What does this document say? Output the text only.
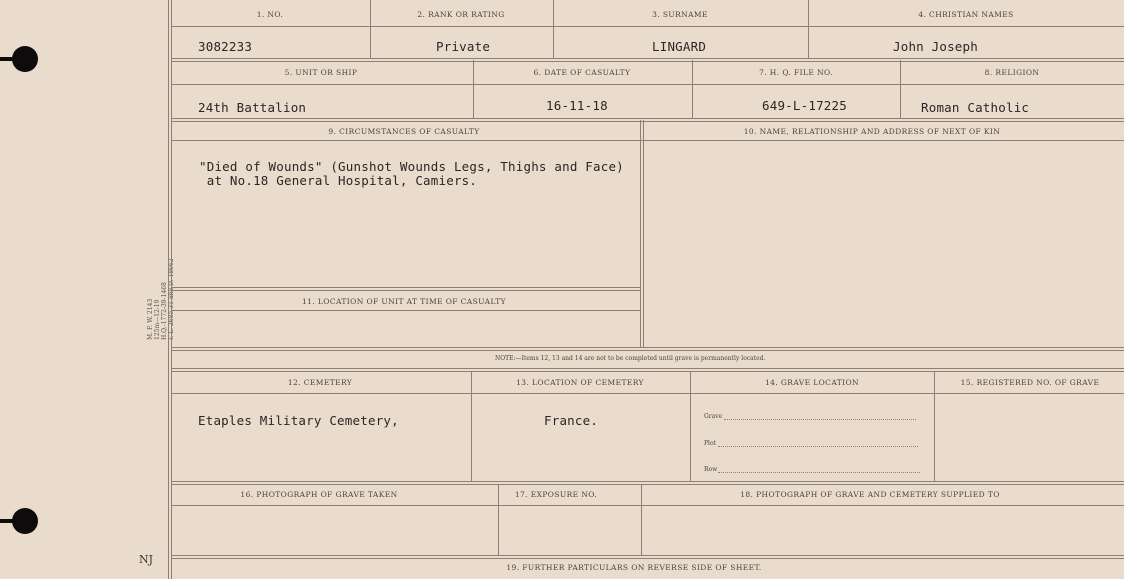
M. F. W. 2143
125m—12-19
H.Q.-1772-39-1468
I. L. 2685-31 and D. 18662
NJ
1. NO.	2. RANK OR RATING	3. SURNAME	4. CHRISTIAN NAMES
3082233	Private	LINGARD	John Joseph
5. UNIT OR SHIP	6. DATE OF CASUALTY	7. H. Q. FILE NO.	8. RELIGION
24th Battalion	16-11-18	649-L-17225	Roman Catholic
9. CIRCUMSTANCES OF CASUALTY	10. NAME, RELATIONSHIP AND ADDRESS OF NEXT OF KIN
"Died of Wounds" (Gunshot Wounds Legs, Thighs and Face)
at No.18 General Hospital, Camiers.
11. LOCATION OF UNIT AT TIME OF CASUALTY
NOTE:—Items 12, 13 and 14 are not to be completed until grave is permanently located.
12. CEMETERY	13. LOCATION OF CEMETERY	14. GRAVE LOCATION	15. REGISTERED NO. OF GRAVE
Etaples Military Cemetery,	France.	Grave
Plot
Row
16. PHOTOGRAPH OF GRAVE TAKEN	17. EXPOSURE NO.	18. PHOTOGRAPH OF GRAVE AND CEMETERY SUPPLIED TO
19. FURTHER PARTICULARS ON REVERSE SIDE OF SHEET.
